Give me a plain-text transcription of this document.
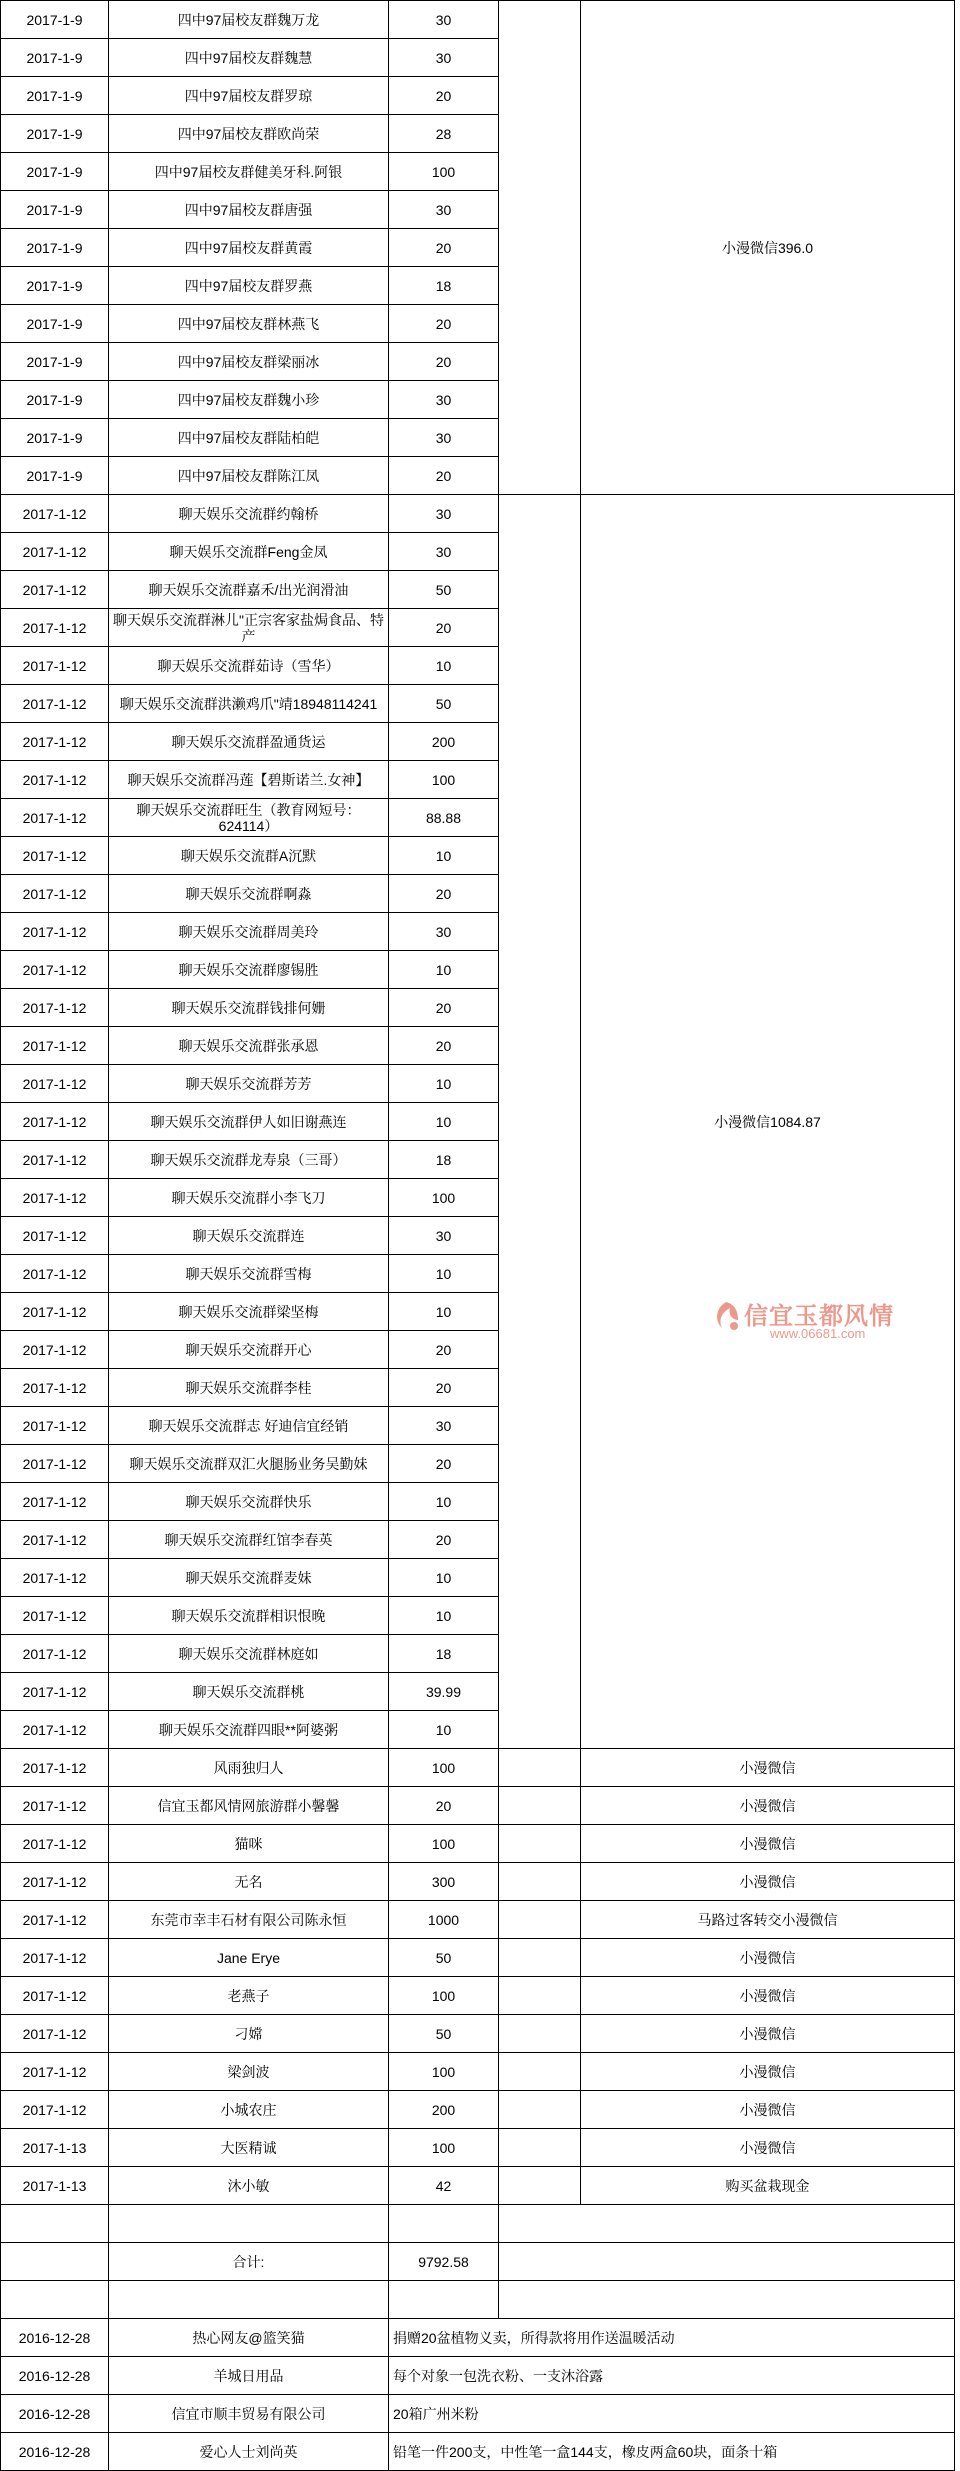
2017-1-9	四中97届校友群魏万龙	30		小漫微信396.0
2017-1-9	四中97届校友群魏慧	30		
2017-1-9	四中97届校友群罗琼	20		
2017-1-9	四中97届校友群欧尚荣	28		
2017-1-9	四中97届校友群健美牙科.阿银	100		
2017-1-9	四中97届校友群唐强	30		
2017-1-9	四中97届校友群黄霞	20		
2017-1-9	四中97届校友群罗燕	18		
2017-1-9	四中97届校友群林燕飞	20		
2017-1-9	四中97届校友群梁丽冰	20		
2017-1-9	四中97届校友群魏小珍	30		
2017-1-9	四中97届校友群陆柏皑	30		
2017-1-9	四中97届校友群陈江凤	20		
2017-1-12	聊天娱乐交流群约翰桥	30		小漫微信1084.87
2017-1-12	聊天娱乐交流群Feng金凤	30		
2017-1-12	聊天娱乐交流群嘉禾/出光润滑油	50		
2017-1-12	聊天娱乐交流群淋儿"正宗客家盐焗食品、特产	20		
2017-1-12	聊天娱乐交流群茹诗（雪华）	10		
2017-1-12	聊天娱乐交流群洪濑鸡爪"靖18948114241	50		
2017-1-12	聊天娱乐交流群盈通货运	200		
2017-1-12	聊天娱乐交流群冯莲【碧斯诺兰.女神】	100		
2017-1-12	聊天娱乐交流群旺生（教育网短号：624114）	88.88		
2017-1-12	聊天娱乐交流群A沉默	10		
2017-1-12	聊天娱乐交流群啊淼	20		
2017-1-12	聊天娱乐交流群周美玲	30		
2017-1-12	聊天娱乐交流群廖锡胜	10		
2017-1-12	聊天娱乐交流群钱排何姗	20		
2017-1-12	聊天娱乐交流群张承恩	20		
2017-1-12	聊天娱乐交流群芳芳	10		
2017-1-12	聊天娱乐交流群伊人如旧谢燕连	10		
2017-1-12	聊天娱乐交流群龙寿泉（三哥）	18		
2017-1-12	聊天娱乐交流群小李飞刀	100		
2017-1-12	聊天娱乐交流群连	30		
2017-1-12	聊天娱乐交流群雪梅	10		
2017-1-12	聊天娱乐交流群梁坚梅	10		
2017-1-12	聊天娱乐交流群开心	20		
2017-1-12	聊天娱乐交流群李桂	20		
2017-1-12	聊天娱乐交流群志 好迪信宜经销	30		
2017-1-12	聊天娱乐交流群双汇火腿肠业务吴勤妹	20		
2017-1-12	聊天娱乐交流群快乐	10		
2017-1-12	聊天娱乐交流群红馆李春英	20		
2017-1-12	聊天娱乐交流群麦妹	10		
2017-1-12	聊天娱乐交流群相识恨晚	10		
2017-1-12	聊天娱乐交流群林庭如	18		
2017-1-12	聊天娱乐交流群桃	39.99		
2017-1-12	聊天娱乐交流群四眼**阿婆粥	10		
2017-1-12	风雨独归人	100		小漫微信
2017-1-12	信宜玉都风情网旅游群小馨馨	20		小漫微信
2017-1-12	猫咪	100		小漫微信
2017-1-12	无名	300		小漫微信
2017-1-12	东莞市幸丰石材有限公司陈永恒	1000		马路过客转交小漫微信
2017-1-12	Jane Erye	50		小漫微信
2017-1-12	老燕子	100		小漫微信
2017-1-12	刁嫦	50		小漫微信
2017-1-12	梁剑波	100		小漫微信
2017-1-12	小城农庄	200		小漫微信
2017-1-13	大医精诚	100		小漫微信
2017-1-13	沐小敏	42		购买盆栽现金

	合计:	9792.58		

2016-12-28	热心网友@篮笑猫	捐赠20盆植物义卖，所得款将用作送温暖活动		
2016-12-28	羊城日用品	每个对象一包洗衣粉、一支沐浴露		
2016-12-28	信宜市顺丰贸易有限公司	20箱广州米粉		
2016-12-28	爱心人士刘尚英	铅笔一件200支，中性笔一盒144支，橡皮两盒60块，面条十箱		
信宜玉都风情
www.06681.com
